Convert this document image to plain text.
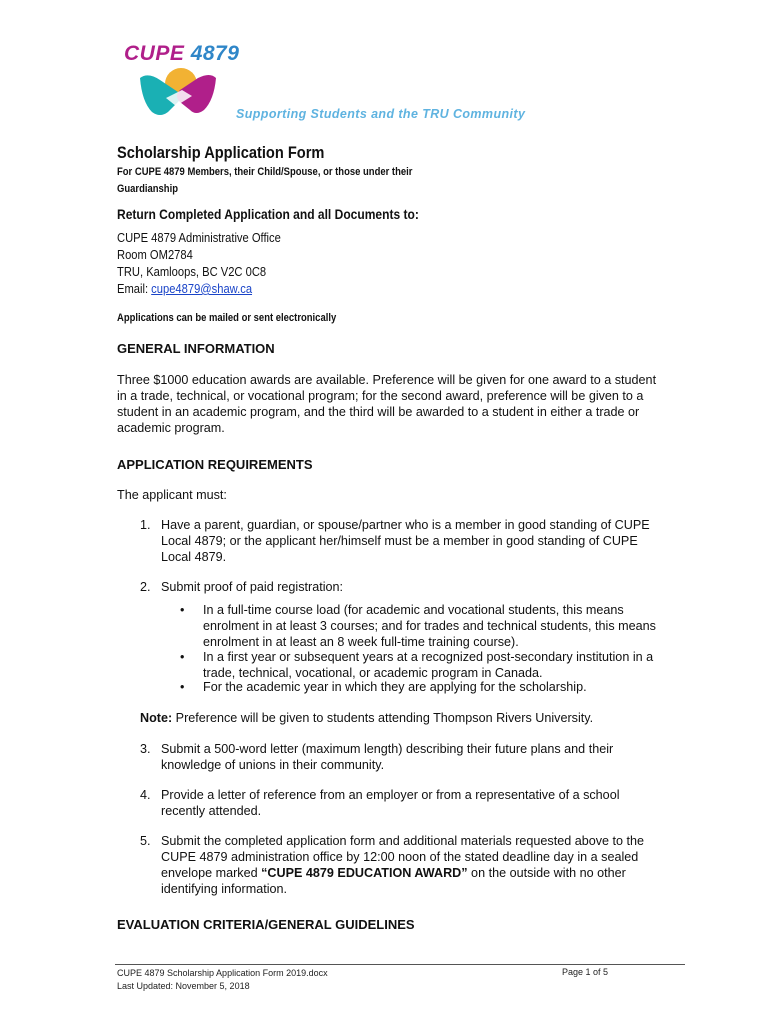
CUPE 4879
Supporting Students and the TRU Community
Scholarship Application Form
For CUPE 4879 Members, their Child/Spouse, or those under their
Guardianship
Return Completed Application and all Documents to:
CUPE 4879 Administrative Office
Room OM2784
TRU, Kamloops, BC V2C 0C8
Email: cupe4879@shaw.ca
Applications can be mailed or sent electronically
GENERAL INFORMATION
Three $1000 education awards are available. Preference will be given for one award to a student
in a trade, technical, or vocational program; for the second award, preference will be given to a
student in an academic program, and the third will be awarded to a student in either a trade or
academic program.
APPLICATION REQUIREMENTS
The applicant must:
1. Have a parent, guardian, or spouse/partner who is a member in good standing of CUPE
Local 4879; or the applicant her/himself must be a member in good standing of CUPE
Local 4879.
2. Submit proof of paid registration:
• In a full-time course load (for academic and vocational students, this means
enrolment in at least 3 courses; and for trades and technical students, this means
enrolment in at least an 8 week full-time training course).
• In a first year or subsequent years at a recognized post-secondary institution in a
trade, technical, vocational, or academic program in Canada.
• For the academic year in which they are applying for the scholarship.
Note: Preference will be given to students attending Thompson Rivers University.
3. Submit a 500-word letter (maximum length) describing their future plans and their
knowledge of unions in their community.
4. Provide a letter of reference from an employer or from a representative of a school
recently attended.
5. Submit the completed application form and additional materials requested above to the
CUPE 4879 administration office by 12:00 noon of the stated deadline day in a sealed
envelope marked “CUPE 4879 EDUCATION AWARD” on the outside with no other
identifying information.
EVALUATION CRITERIA/GENERAL GUIDELINES
CUPE 4879 Scholarship Application Form 2019.docx
Last Updated: November 5, 2018
Page 1 of 5
